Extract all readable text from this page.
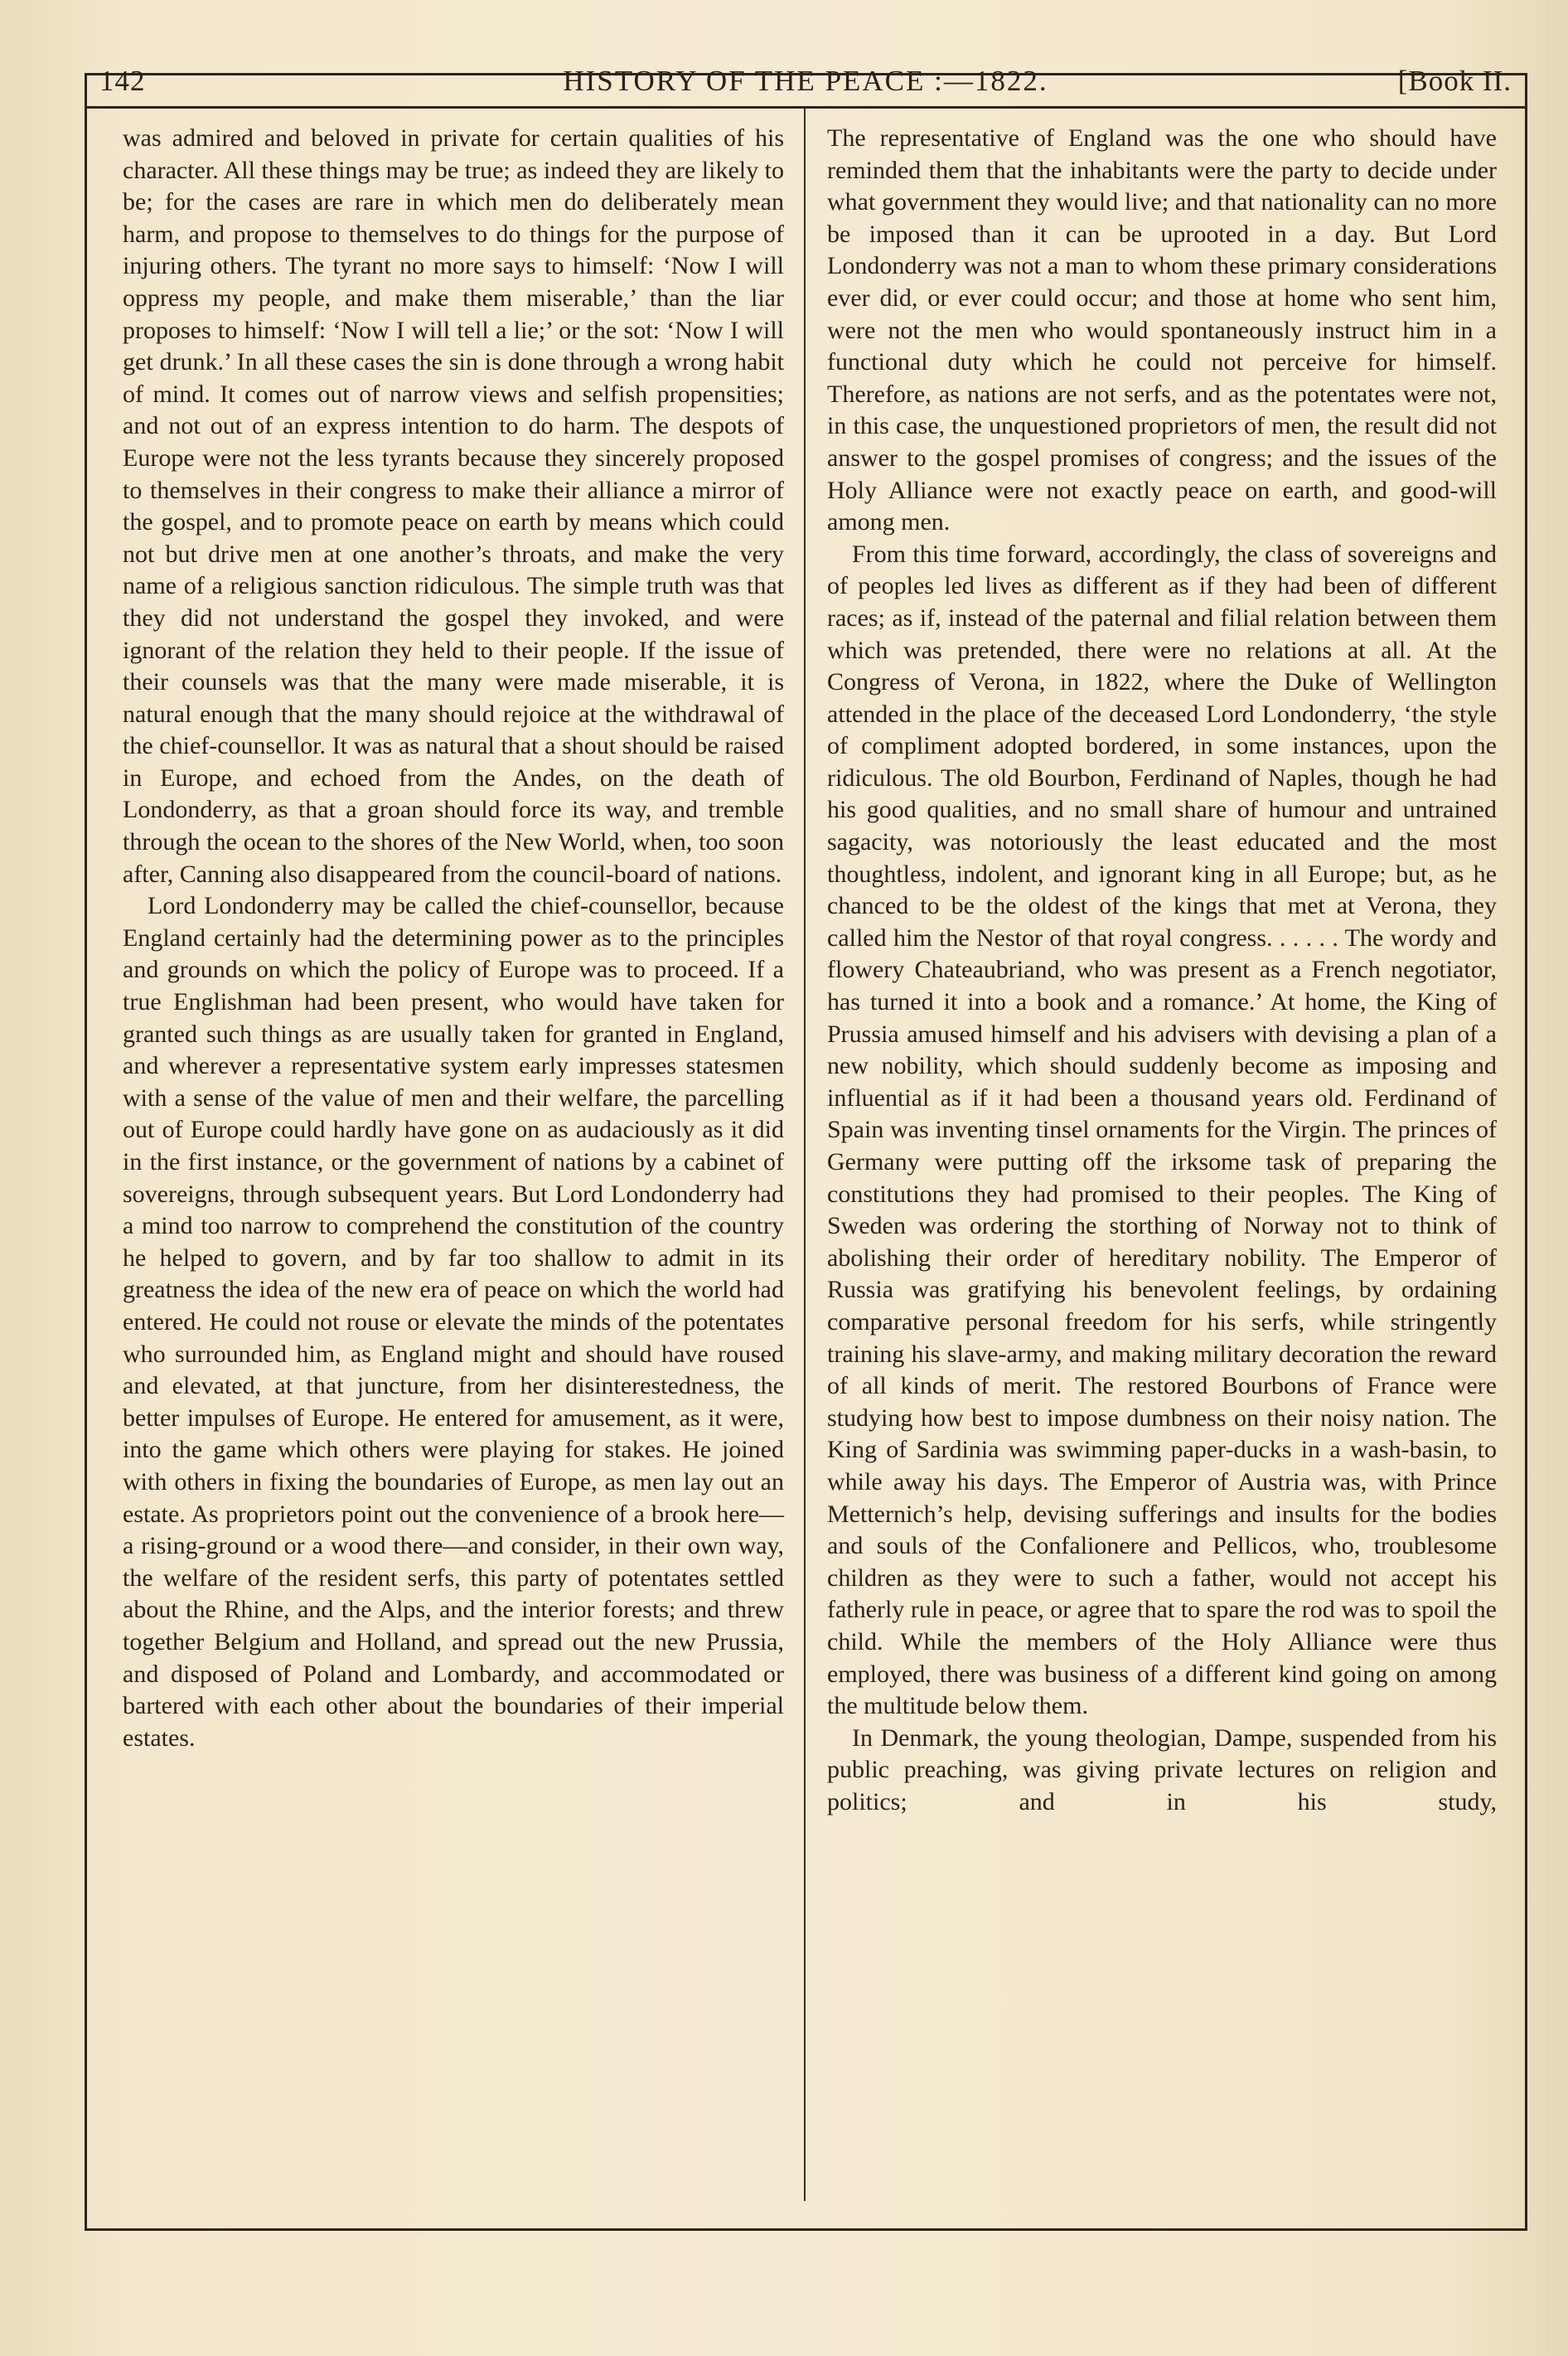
142	HISTORY OF THE PEACE :—1822.	[Book II.

was admired and beloved in private for certain qualities of his character. All these things may be true; as indeed they are likely to be; for the cases are rare in which men do deliberately mean harm, and propose to themselves to do things for the purpose of injuring others. The tyrant no more says to himself: ‘Now I will oppress my people, and make them miserable,’ than the liar proposes to himself: ‘Now I will tell a lie;’ or the sot: ‘Now I will get drunk.’ In all these cases the sin is done through a wrong habit of mind. It comes out of narrow views and selfish propensities; and not out of an express intention to do harm. The despots of Europe were not the less tyrants because they sincerely proposed to themselves in their congress to make their alliance a mirror of the gospel, and to promote peace on earth by means which could not but drive men at one another’s throats, and make the very name of a religious sanction ridiculous. The simple truth was that they did not understand the gospel they invoked, and were ignorant of the relation they held to their people. If the issue of their counsels was that the many were made miserable, it is natural enough that the many should rejoice at the withdrawal of the chief-counsellor. It was as natural that a shout should be raised in Europe, and echoed from the Andes, on the death of Londonderry, as that a groan should force its way, and tremble through the ocean to the shores of the New World, when, too soon after, Canning also disappeared from the council-board of nations.

Lord Londonderry may be called the chief-counsellor, because England certainly had the determining power as to the principles and grounds on which the policy of Europe was to proceed. If a true Englishman had been present, who would have taken for granted such things as are usually taken for granted in England, and wherever a representative system early impresses statesmen with a sense of the value of men and their welfare, the parcelling out of Europe could hardly have gone on as audaciously as it did in the first instance, or the government of nations by a cabinet of sovereigns, through subsequent years. But Lord Londonderry had a mind too narrow to comprehend the constitution of the country he helped to govern, and by far too shallow to admit in its greatness the idea of the new era of peace on which the world had entered. He could not rouse or elevate the minds of the potentates who surrounded him, as England might and should have roused and elevated, at that juncture, from her disinterestedness, the better impulses of Europe. He entered for amusement, as it were, into the game which others were playing for stakes. He joined with others in fixing the boundaries of Europe, as men lay out an estate. As proprietors point out the convenience of a brook here—a rising-ground or a wood there—and consider, in their own way, the welfare of the resident serfs, this party of potentates settled about the Rhine, and the Alps, and the interior forests; and threw together Belgium and Holland, and spread out the new Prussia, and disposed of Poland and Lombardy, and accommodated or bartered with each other about the boundaries of their imperial estates.

The representative of England was the one who should have reminded them that the inhabitants were the party to decide under what government they would live; and that nationality can no more be imposed than it can be uprooted in a day. But Lord Londonderry was not a man to whom these primary considerations ever did, or ever could occur; and those at home who sent him, were not the men who would spontaneously instruct him in a functional duty which he could not perceive for himself. Therefore, as nations are not serfs, and as the potentates were not, in this case, the unquestioned proprietors of men, the result did not answer to the gospel promises of congress; and the issues of the Holy Alliance were not exactly peace on earth, and good-will among men.

From this time forward, accordingly, the class of sovereigns and of peoples led lives as different as if they had been of different races; as if, instead of the paternal and filial relation between them which was pretended, there were no relations at all. At the Congress of Verona, in 1822, where the Duke of Wellington attended in the place of the deceased Lord Londonderry, ‘the style of compliment adopted bordered, in some instances, upon the ridiculous. The old Bourbon, Ferdinand of Naples, though he had his good qualities, and no small share of humour and untrained sagacity, was notoriously the least educated and the most thoughtless, indolent, and ignorant king in all Europe; but, as he chanced to be the oldest of the kings that met at Verona, they called him the Nestor of that royal congress. . . . . . The wordy and flowery Chateaubriand, who was present as a French negotiator, has turned it into a book and a romance.’ At home, the King of Prussia amused himself and his advisers with devising a plan of a new nobility, which should suddenly become as imposing and influential as if it had been a thousand years old. Ferdinand of Spain was inventing tinsel ornaments for the Virgin. The princes of Germany were putting off the irksome task of preparing the constitutions they had promised to their peoples. The King of Sweden was ordering the storthing of Norway not to think of abolishing their order of hereditary nobility. The Emperor of Russia was gratifying his benevolent feelings, by ordaining comparative personal freedom for his serfs, while stringently training his slave-army, and making military decoration the reward of all kinds of merit. The restored Bourbons of France were studying how best to impose dumbness on their noisy nation. The King of Sardinia was swimming paper-ducks in a wash-basin, to while away his days. The Emperor of Austria was, with Prince Metternich’s help, devising sufferings and insults for the bodies and souls of the Confalionere and Pellicos, who, troublesome children as they were to such a father, would not accept his fatherly rule in peace, or agree that to spare the rod was to spoil the child. While the members of the Holy Alliance were thus employed, there was business of a different kind going on among the multitude below them.

In Denmark, the young theologian, Dampe, suspended from his public preaching, was giving private lectures on religion and politics; and in his study,
